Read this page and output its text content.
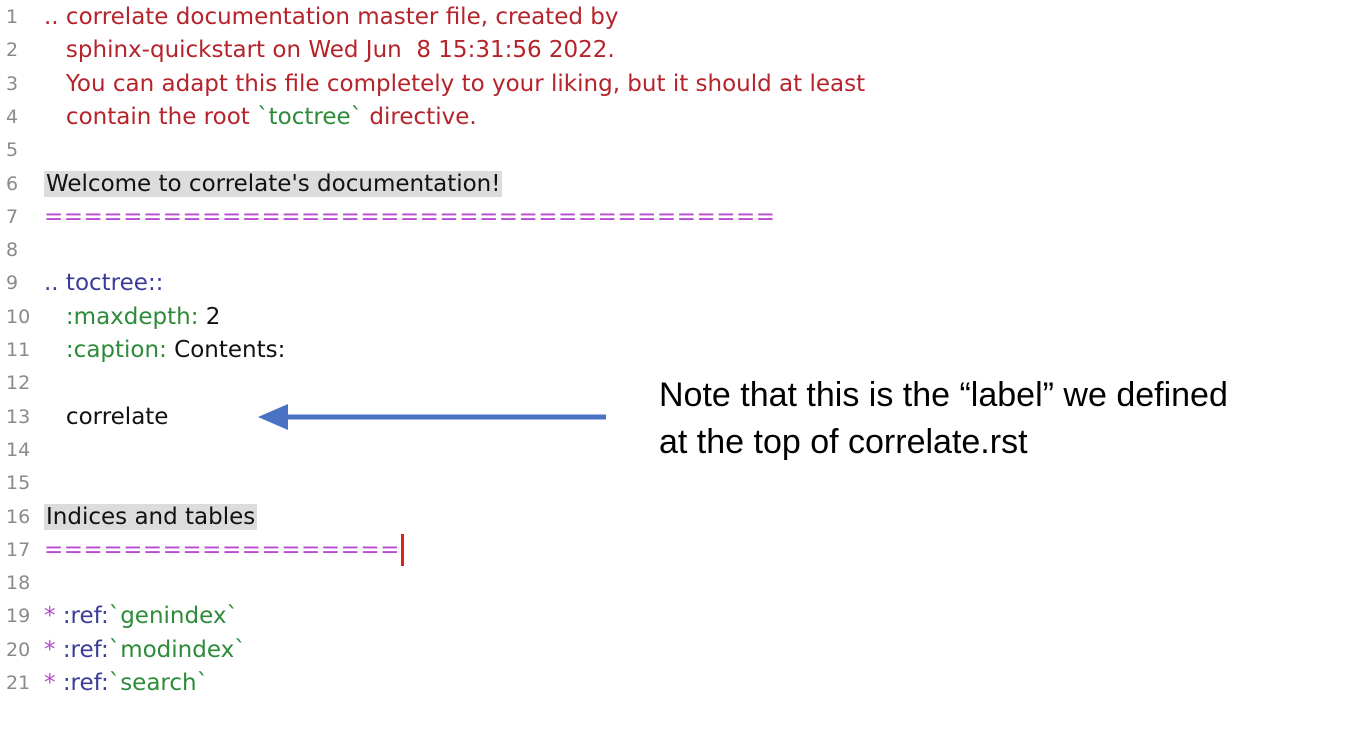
1	.. correlate documentation master file, created by
2	sphinx-quickstart on Wed Jun  8 15:31:56 2022.
3	You can adapt this file completely to your liking, but it should at least
4	contain the root `toctree` directive.
5
6	Welcome to correlate's documentation!
7	=====================================
8
9	.. toctree::
10 :maxdepth: 2
11 :caption: Contents:
12
13 correlate
14
15
16 Indices and tables
17 ==================
18
19 * :ref:`genindex`
20 * :ref:`modindex`
21 * :ref:`search`
Note that this is the “label” we defined
at the top of correlate.rst
